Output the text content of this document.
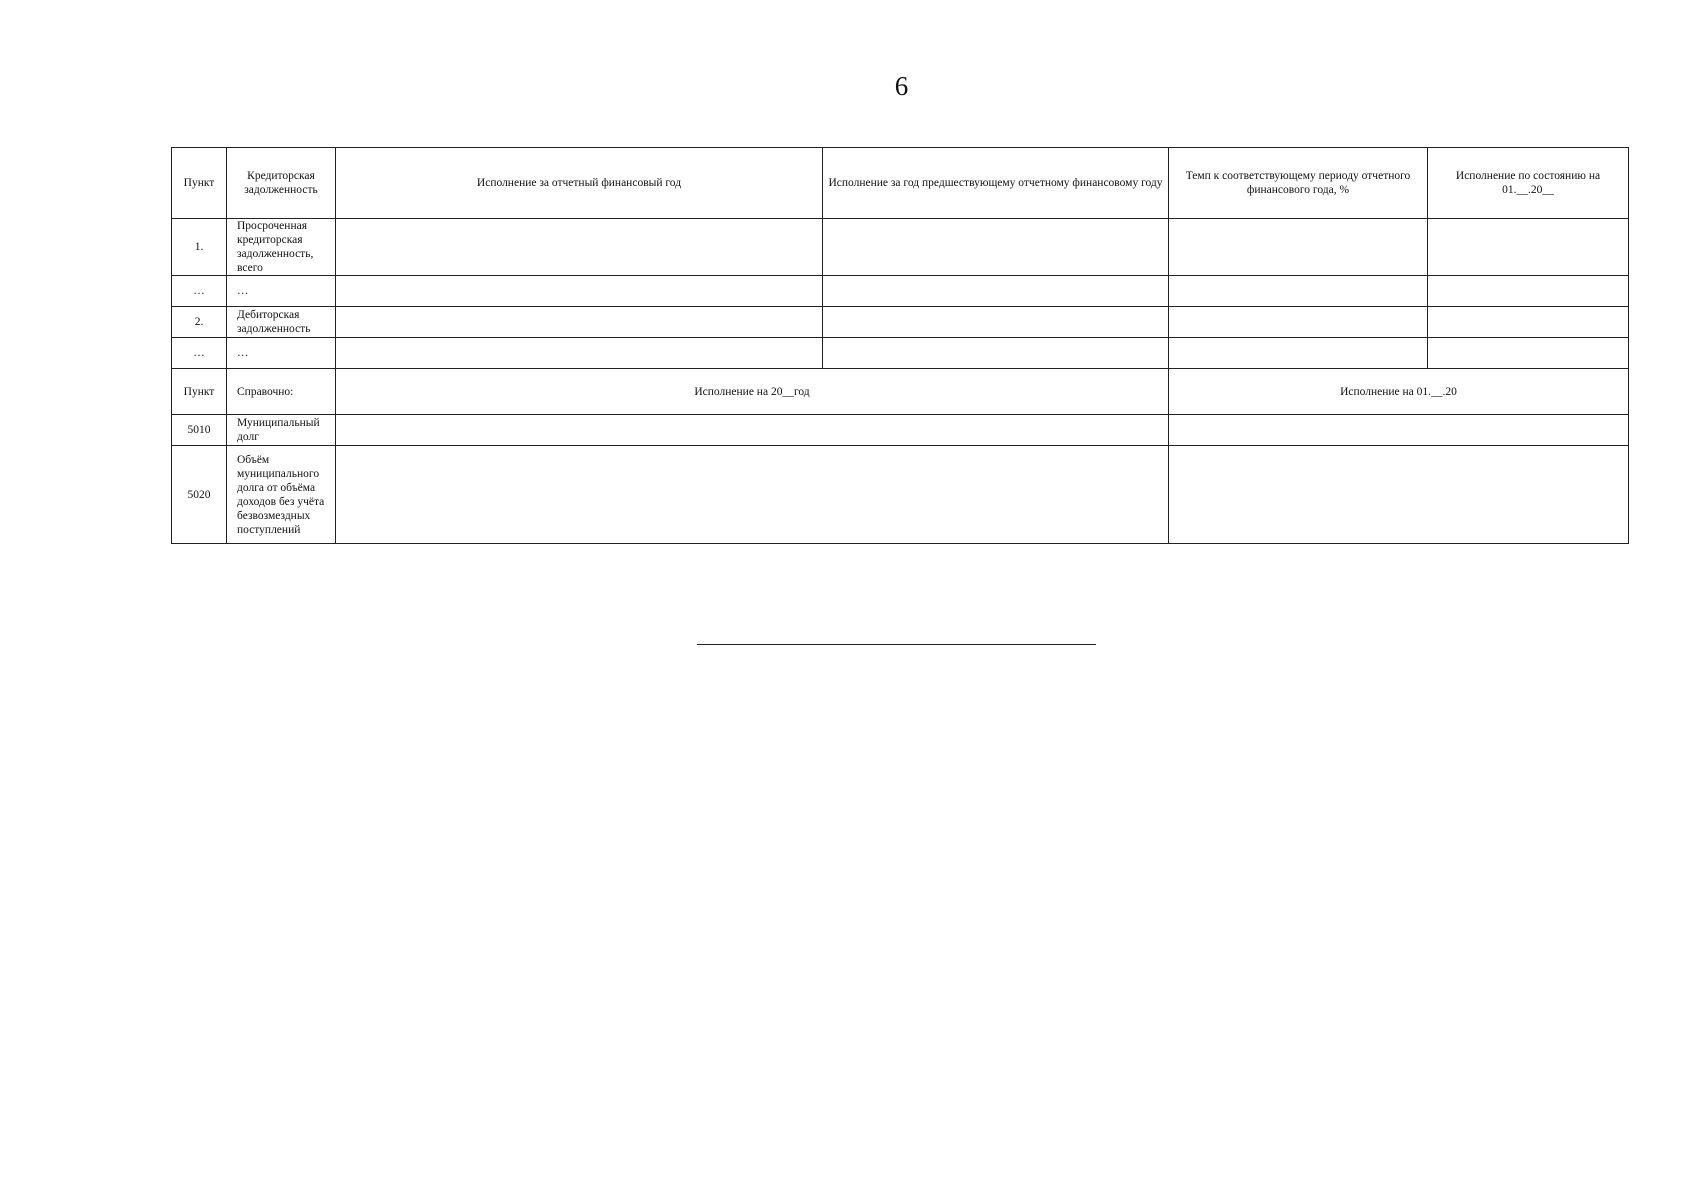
6
Пункт	Кредиторская задолженность	Исполнение за отчетный финансовый год	Исполнение за год предшествующему отчетному финансовому году	Темп к соответствующему периоду отчетного финансового года, %	Исполнение по состоянию на 01.__.20__
1.	Просроченная кредиторская задолженность, всего				
…	…				
2.	Дебиторская задолженность				
…	…				
Пункт	Справочно:	Исполнение на 20__год		Исполнение на 01.__.20	
5010	Муниципальный долг				
5020	Объём муниципального долга от объёма доходов без учёта безвозмездных поступлений				
